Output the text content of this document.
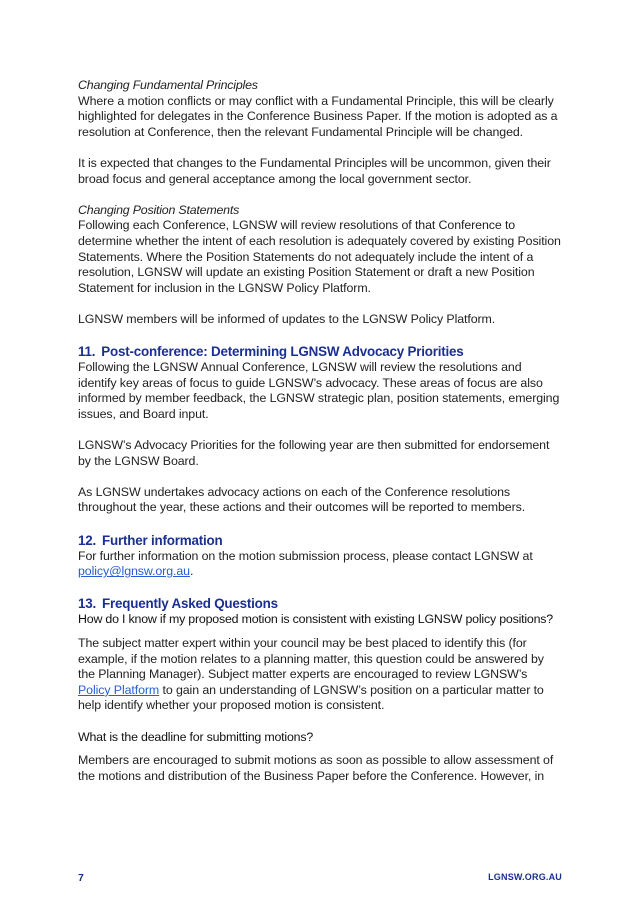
Changing Fundamental Principles

Where a motion conflicts or may conflict with a Fundamental Principle, this will be clearly highlighted for delegates in the Conference Business Paper. If the motion is adopted as a resolution at Conference, then the relevant Fundamental Principle will be changed.

It is expected that changes to the Fundamental Principles will be uncommon, given their broad focus and general acceptance among the local government sector.

Changing Position Statements

Following each Conference, LGNSW will review resolutions of that Conference to determine whether the intent of each resolution is adequately covered by existing Position Statements. Where the Position Statements do not adequately include the intent of a resolution, LGNSW will update an existing Position Statement or draft a new Position Statement for inclusion in the LGNSW Policy Platform.

LGNSW members will be informed of updates to the LGNSW Policy Platform.

11. Post-conference: Determining LGNSW Advocacy Priorities

Following the LGNSW Annual Conference, LGNSW will review the resolutions and identify key areas of focus to guide LGNSW’s advocacy. These areas of focus are also informed by member feedback, the LGNSW strategic plan, position statements, emerging issues, and Board input.

LGNSW’s Advocacy Priorities for the following year are then submitted for endorsement by the LGNSW Board.

As LGNSW undertakes advocacy actions on each of the Conference resolutions throughout the year, these actions and their outcomes will be reported to members.

12. Further information

For further information on the motion submission process, please contact LGNSW at policy@lgnsw.org.au.

13. Frequently Asked Questions

How do I know if my proposed motion is consistent with existing LGNSW policy positions?

The subject matter expert within your council may be best placed to identify this (for example, if the motion relates to a planning matter, this question could be answered by the Planning Manager). Subject matter experts are encouraged to review LGNSW’s Policy Platform to gain an understanding of LGNSW’s position on a particular matter to help identify whether your proposed motion is consistent.

What is the deadline for submitting motions?

Members are encouraged to submit motions as soon as possible to allow assessment of the motions and distribution of the Business Paper before the Conference. However, in

7	LGNSW.ORG.AU
